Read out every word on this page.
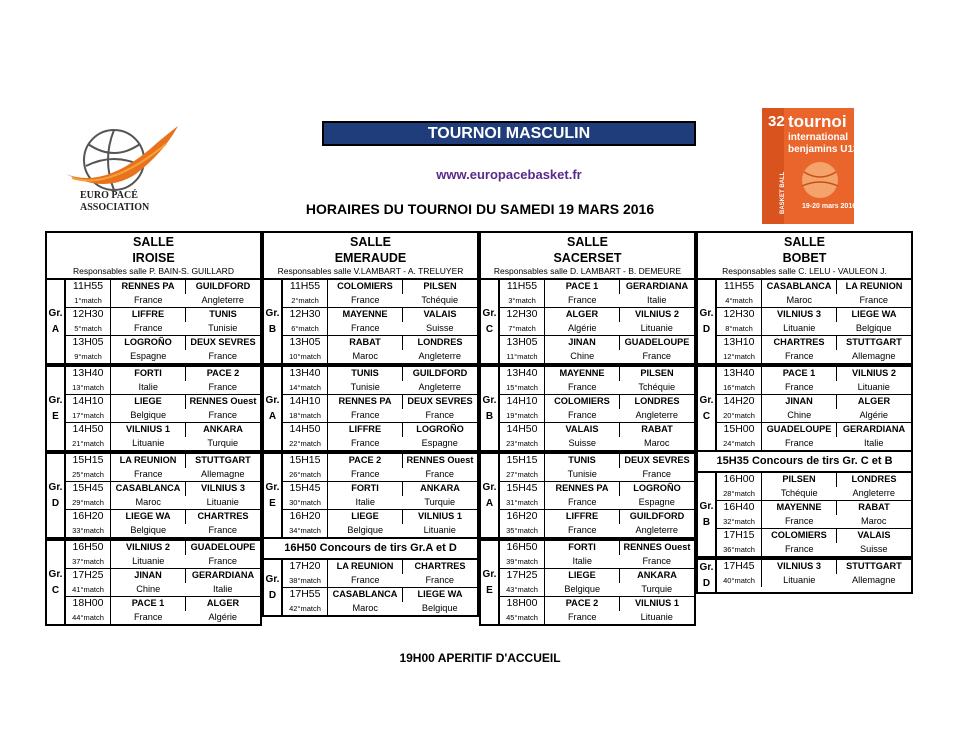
EURO PACÉ
ASSOCIATION
32 tournoi
international
benjamins U13
19-20 mars 2016
BASKET BALL
TOURNOI MASCULIN
www.europacebasket.fr
HORAIRES DU TOURNOI DU SAMEDI 19 MARS 2016
SALLE
IROISE
Responsables salle P. BAIN-S. GUILLARD
Gr.
A
11H55	RENNES PA	GUILDFORD
1°match	France	Angleterre
12H30	LIFFRE	TUNIS
5°match	France	Tunisie
13H05	LOGROÑO	DEUX SEVRES
9°match	Espagne	France
Gr.
E
13H40	FORTI	PACE 2
13°match	Italie	France
14H10	LIEGE	RENNES Ouest
17°match	Belgique	France
14H50	VILNIUS 1	ANKARA
21°match	Lituanie	Turquie
Gr.
D
15H15	LA REUNION	STUTTGART
25°match	France	Allemagne
15H45	CASABLANCA	VILNIUS 3
29°match	Maroc	Lituanie
16H20	LIEGE WA	CHARTRES
33°match	Belgique	France
Gr.
C
16H50	VILNIUS 2	GUADELOUPE
37°match	Lituanie	France
17H25	JINAN	GERARDIANA
41°match	Chine	Italie
18H00	PACE 1	ALGER
44°match	France	Algérie
SALLE
EMERAUDE
Responsables salle V.LAMBART - A. TRELUYER
Gr.
B
11H55	COLOMIERS	PILSEN
2°match	France	Tchéquie
12H30	MAYENNE	VALAIS
6°match	France	Suisse
13H05	RABAT	LONDRES
10°match	Maroc	Angleterre
Gr.
A
13H40	TUNIS	GUILDFORD
14°match	Tunisie	Angleterre
14H10	RENNES PA	DEUX SEVRES
18°match	France	France
14H50	LIFFRE	LOGROÑO
22°match	France	Espagne
Gr.
E
15H15	PACE 2	RENNES Ouest
26°match	France	France
15H45	FORTI	ANKARA
30°match	Italie	Turquie
16H20	LIEGE	VILNIUS 1
34°match	Belgique	Lituanie
16H50 Concours de tirs Gr.A et D
Gr.
D
17H20	LA REUNION	CHARTRES
38°match	France	France
17H55	CASABLANCA	LIEGE WA
42°match	Maroc	Belgique
SALLE
SACERSET
Responsables salle D. LAMBART - B. DEMEURE
Gr.
C
11H55	PACE 1	GERARDIANA
3°match	France	Italie
12H30	ALGER	VILNIUS 2
7°match	Algérie	Lituanie
13H05	JINAN	GUADELOUPE
11°match	Chine	France
Gr.
B
13H40	MAYENNE	PILSEN
15°match	France	Tchéquie
14H10	COLOMIERS	LONDRES
19°match	France	Angleterre
14H50	VALAIS	RABAT
23°match	Suisse	Maroc
Gr.
A
15H15	TUNIS	DEUX SEVRES
27°match	Tunisie	France
15H45	RENNES PA	LOGROÑO
31°match	France	Espagne
16H20	LIFFRE	GUILDFORD
35°match	France	Angleterre
Gr.
E
16H50	FORTI	RENNES Ouest
39°match	Italie	France
17H25	LIEGE	ANKARA
43°match	Belgique	Turquie
18H00	PACE 2	VILNIUS 1
45°match	France	Lituanie
SALLE
BOBET
Responsables salle C. LELU - VAULEON J.
Gr.
D
11H55	CASABLANCA	LA REUNION
4°match	Maroc	France
12H30	VILNIUS 3	LIEGE WA
8°match	Lituanie	Belgique
13H10	CHARTRES	STUTTGART
12°match	France	Allemagne
Gr.
C
13H40	PACE 1	VILNIUS 2
16°match	France	Lituanie
14H20	JINAN	ALGER
20°match	Chine	Algérie
15H00	GUADELOUPE	GERARDIANA
24°match	France	Italie
15H35 Concours de tirs Gr. C et B
Gr.
B
16H00	PILSEN	LONDRES
28°match	Tchéquie	Angleterre
16H40	MAYENNE	RABAT
32°match	France	Maroc
17H15	COLOMIERS	VALAIS
36°match	France	Suisse
Gr.
D
17H45	VILNIUS 3	STUTTGART
40°match	Lituanie	Allemagne
19H00 APERITIF D'ACCUEIL
